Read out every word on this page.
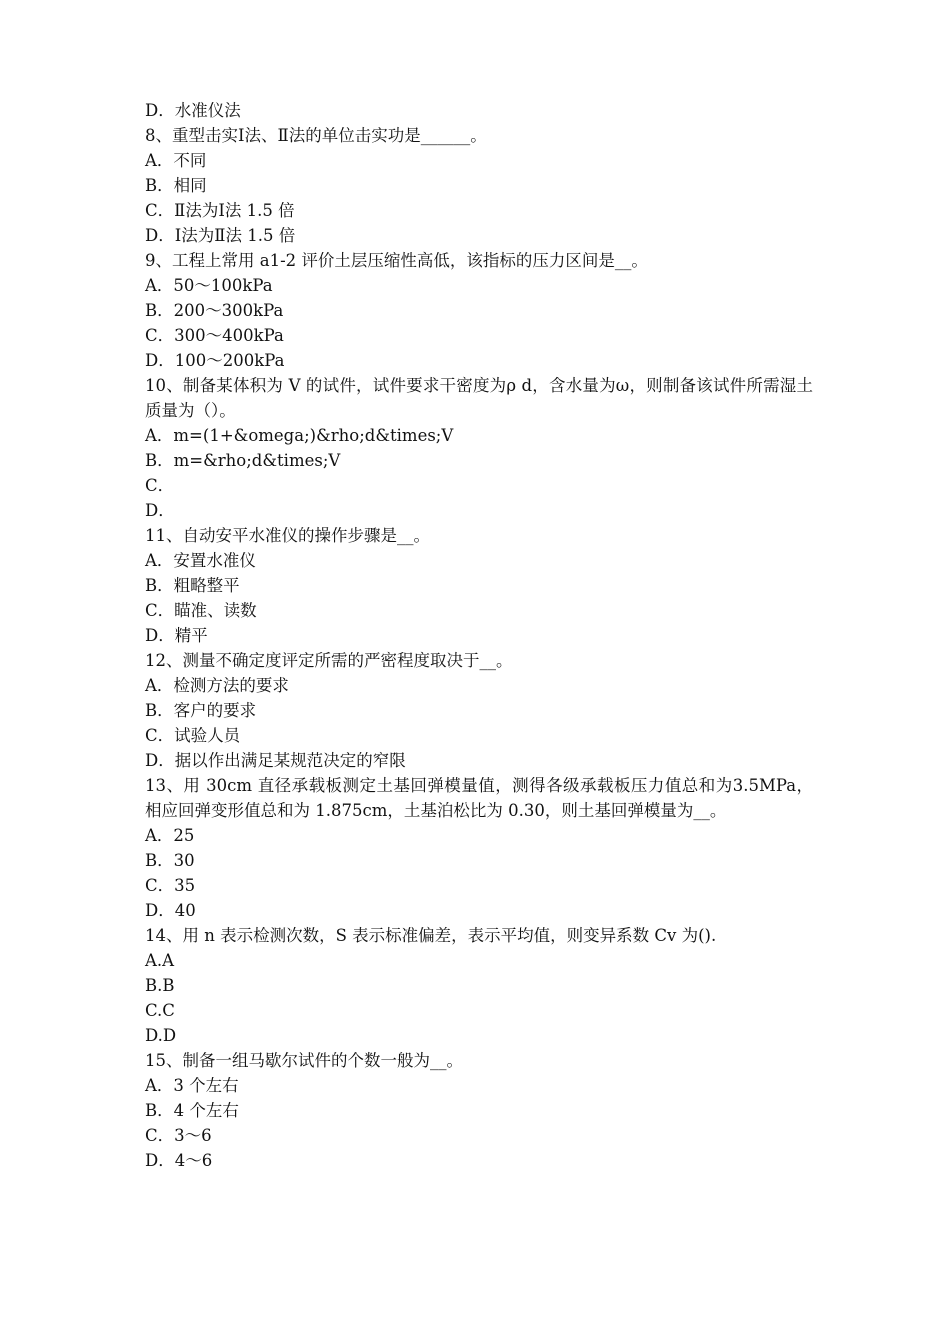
D．水准仪法
8、重型击实Ⅰ法、Ⅱ法的单位击实功是______。
A．不同
B．相同
C．Ⅱ法为Ⅰ法 1.5 倍
D．Ⅰ法为Ⅱ法 1.5 倍
9、工程上常用 a1-2 评价土层压缩性高低，该指标的压力区间是__。
A．50～100kPa
B．200～300kPa
C．300～400kPa
D．100～200kPa
10、制备某体积为 V 的试件，试件要求干密度为ρ d，含水量为ω，则制备该试件所需湿土质量为（）。
A．m=(1+&omega;)&rho;d&times;V
B．m=&rho;d&times;V
C．
D．
11、自动安平水准仪的操作步骤是__。
A．安置水准仪
B．粗略整平
C．瞄准、读数
D．精平
12、测量不确定度评定所需的严密程度取决于__。
A．检测方法的要求
B．客户的要求
C．试验人员
D．据以作出满足某规范决定的窄限
13、用 30cm 直径承载板测定土基回弹模量值，测得各级承载板压力值总和为3.5MPa，相应回弹变形值总和为 1.875cm，土基泊松比为 0.30，则土基回弹模量为__。
A．25
B．30
C．35
D．40
14、用 n 表示检测次数，S 表示标准偏差，表示平均值，则变异系数 Cv 为().
A.A
B.B
C.C
D.D
15、制备一组马歇尔试件的个数一般为__。
A．3 个左右
B．4 个左右
C．3～6
D．4～6
